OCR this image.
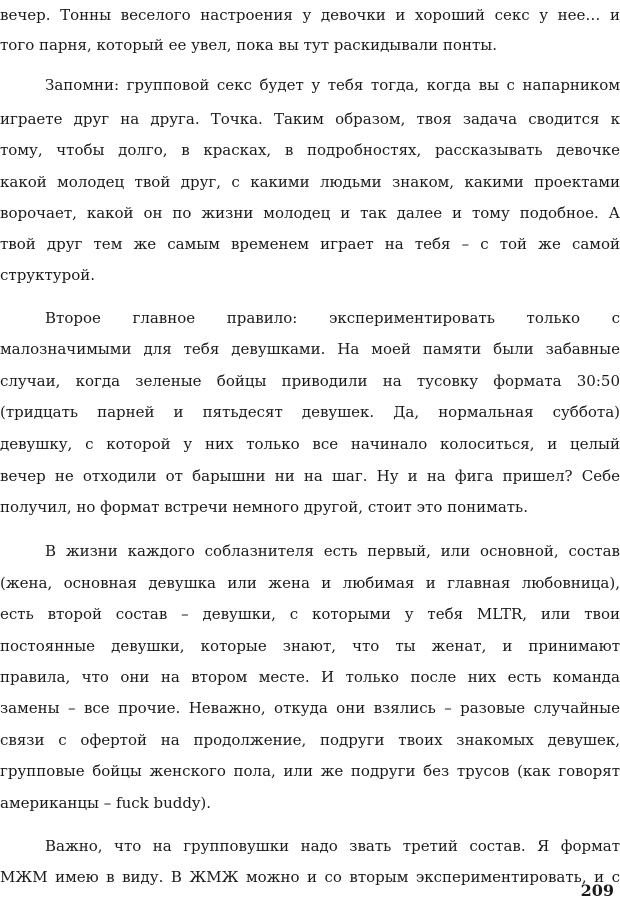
вечер. Тонны веселого настроения у девочки и хороший секс у нее… и
того парня, который ее увел, пока вы тут раскидывали понты.
Запомни: групповой секс будет у тебя тогда, когда вы с напарником
играете друг на друга. Точка. Таким образом, твоя задача сводится к
тому, чтобы долго, в красках, в подробностях, рассказывать девочке
какой молодец твой друг, с какими людьми знаком, какими проектами
ворочает, какой он по жизни молодец и так далее и тому подобное. А
твой друг тем же самым временем играет на тебя – с той же самой
структурой.
Второе главное правило: экспериментировать только с
малозначимыми для тебя девушками. На моей памяти были забавные
случаи, когда зеленые бойцы приводили на тусовку формата 30:50
(тридцать парней и пятьдесят девушек. Да, нормальная суббота)
девушку, с которой у них только все начинало колоситься, и целый
вечер не отходили от барышни ни на шаг. Ну и на фига пришел? Себе
получил, но формат встречи немного другой, стоит это понимать.
В жизни каждого соблазнителя есть первый, или основной, состав
(жена, основная девушка или жена и любимая и главная любовница),
есть второй состав – девушки, с которыми у тебя MLTR, или твои
постоянные девушки, которые знают, что ты женат, и принимают
правила, что они на втором месте. И только после них есть команда
замены – все прочие. Неважно, откуда они взялись – разовые случайные
связи с офертой на продолжение, подруги твоих знакомых девушек,
групповые бойцы женского пола, или же подруги без трусов (как говорят
американцы – fuck buddy).
Важно, что на групповушки надо звать третий состав. Я формат
МЖМ имею в виду. В ЖМЖ можно и со вторым экспериментировать, и с
209
